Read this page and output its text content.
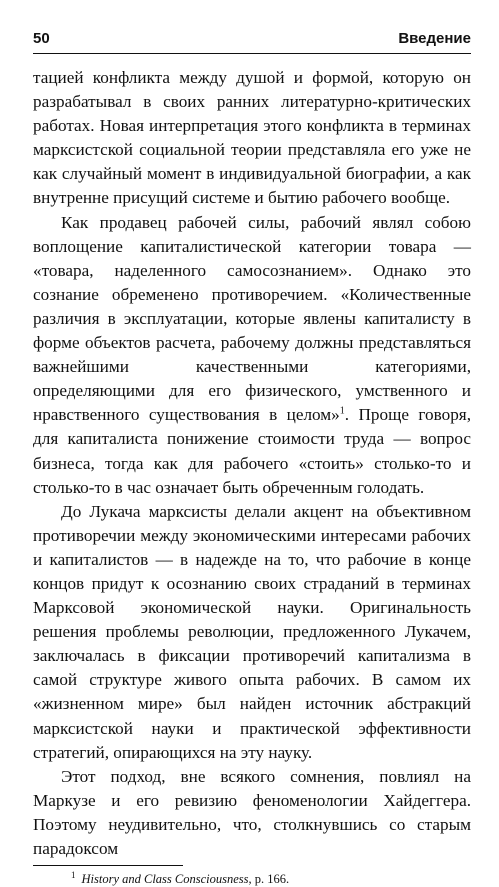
50	Введение

тацией конфликта между душой и формой, которую он разрабатывал в своих ранних литературно-критических работах. Новая интерпретация этого конфликта в терминах марксистской социальной теории представляла его уже не как случайный момент в индивидуальной биографии, а как внутренне присущий системе и бытию рабочего вообще.

Как продавец рабочей силы, рабочий являл собою воплощение капиталистической категории товара — «товара, наделенного самосознанием». Однако это сознание обременено противоречием. «Количественные различия в эксплуатации, которые явлены капиталисту в форме объектов расчета, рабочему должны представляться важнейшими качественными категориями, определяющими для его физического, умственного и нравственного существования в целом»$^1$. Проще говоря, для капиталиста понижение стоимости труда — вопрос бизнеса, тогда как для рабочего «стоить» столько-то и столько-то в час означает быть обреченным голодать.

До Лукача марксисты делали акцент на объективном противоречии между экономическими интересами рабочих и капиталистов — в надежде на то, что рабочие в конце концов придут к осознанию своих страданий в терминах Марксовой экономической науки. Оригинальность решения проблемы революции, предложенного Лукачем, заключалась в фиксации противоречий капитализма в самой структуре живого опыта рабочих. В самом их «жизненном мире» был найден источник абстракций марксистской науки и практической эффективности стратегий, опирающихся на эту науку.

Этот подход, вне всякого сомнения, повлиял на Маркузе и его ревизию феноменологии Хайдеггера. Поэтому неудивительно, что, столкнувшись со старым парадоксом

$^1$ History and Class Consciousness, p. 166.
